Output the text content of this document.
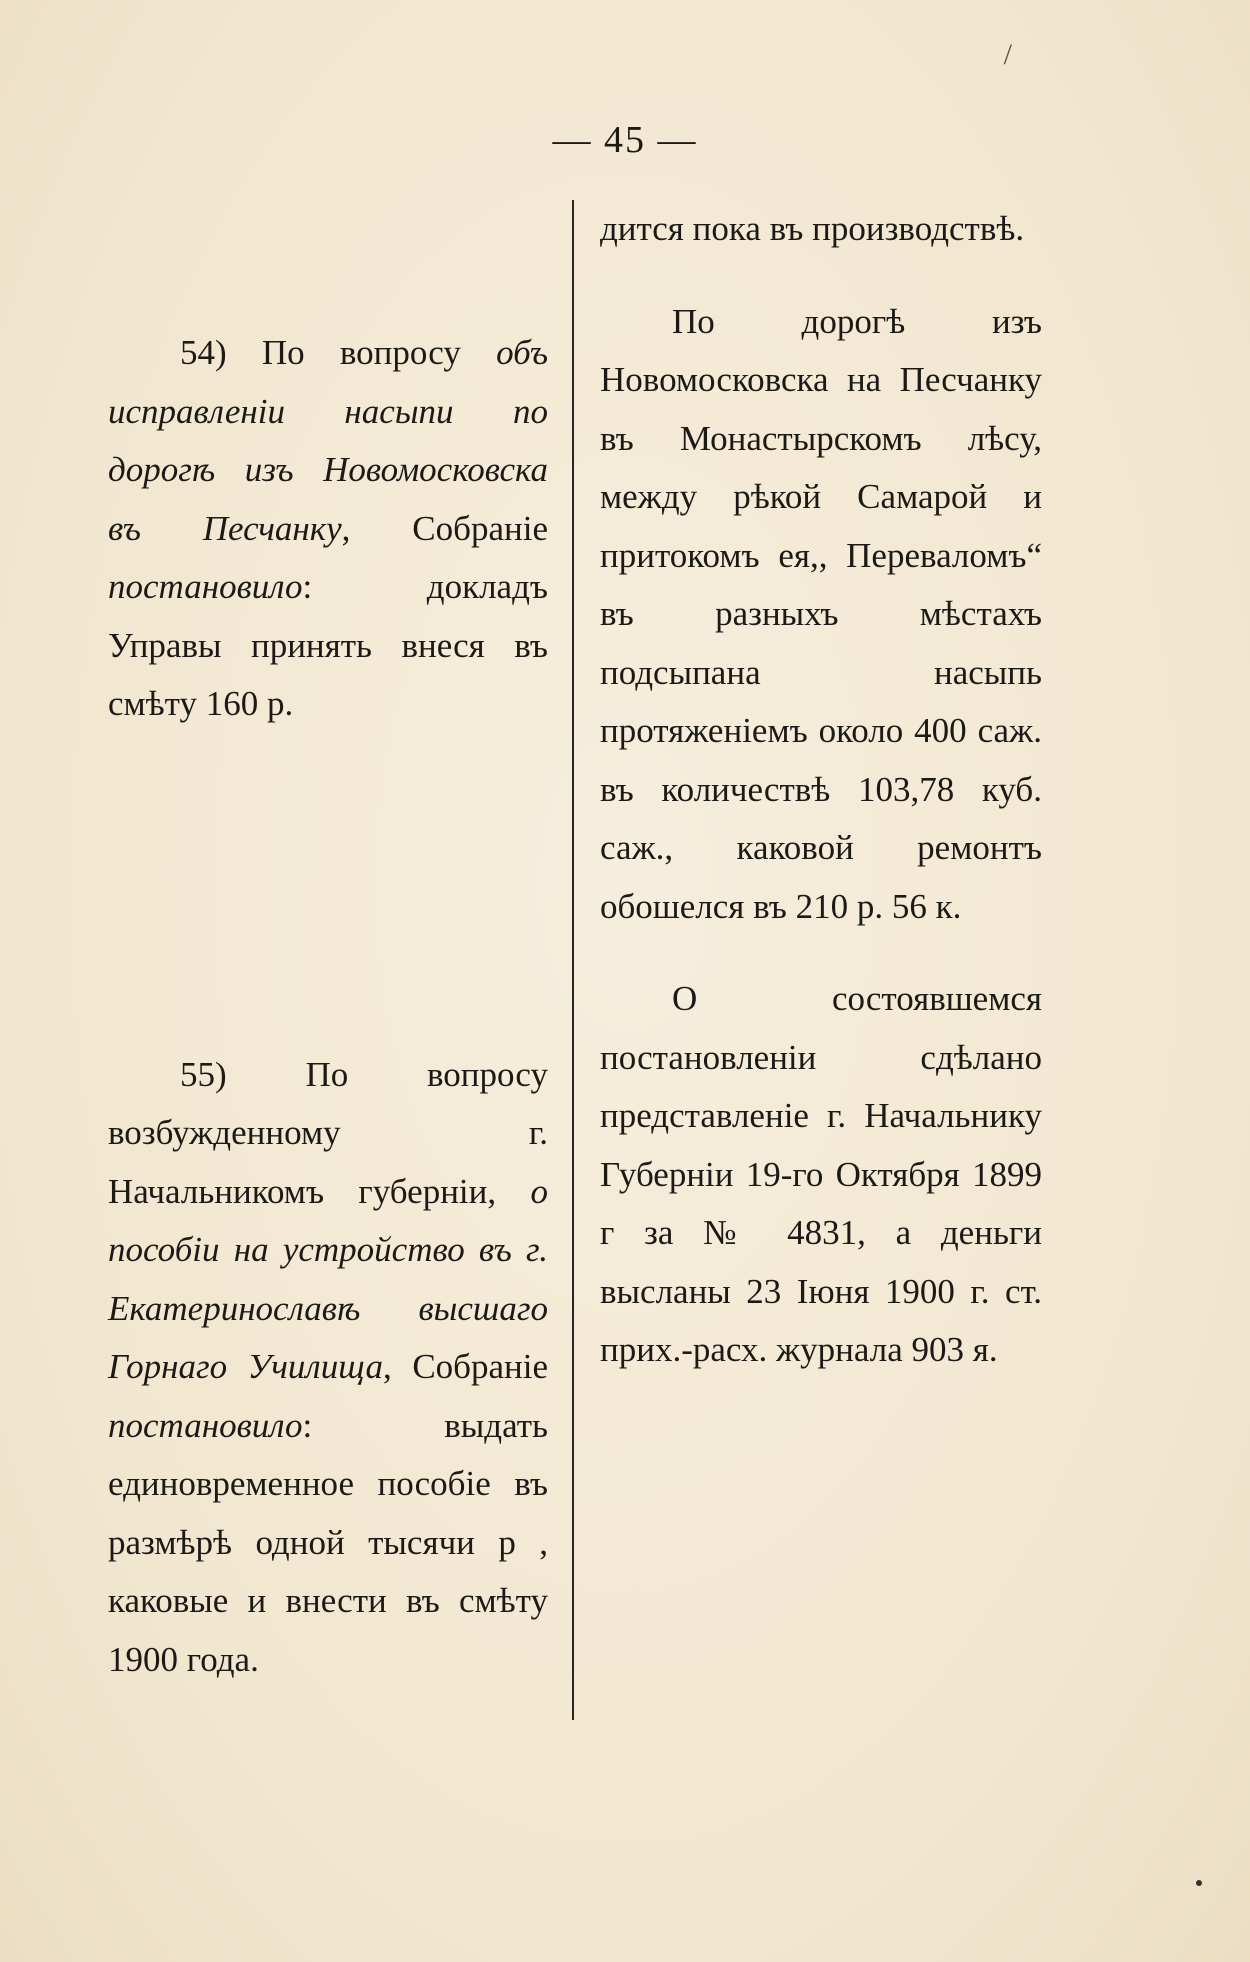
/
— 45 —

54) По вопросу объ исправленіи насыпи по дорогѣ изъ Новомосковска въ Песчанку, Собраніе постановило: докладъ Управы принять внеся въ смѣту 160 р.

55) По вопросу возбужденному г. Начальникомъ губерніи, о пособіи на устройство въ г. Екатеринославѣ высшаго Горнаго Училища, Собраніе постановило: выдать единовременное пособіе въ размѣрѣ одной тысячи р , каковые и внести въ смѣту 1900 года.

дится пока въ производствѣ.

По дорогѣ изъ Новомосковска на Песчанку въ Монастырскомъ лѣсу, между рѣкой Самарой и притокомъ ея,, Переваломъ“ въ разныхъ мѣстахъ подсыпана насыпь протяженіемъ около 400 саж. въ количествѣ 103,78 куб. саж., каковой ремонтъ обошелся въ 210 р. 56 к.

О состоявшемся постановленіи сдѣлано представленіе г. Начальнику Губерніи 19-го Октября 1899 г за № 4831, а деньги высланы 23 Іюня 1900 г. ст. прих.-расх. журнала 903 я.
